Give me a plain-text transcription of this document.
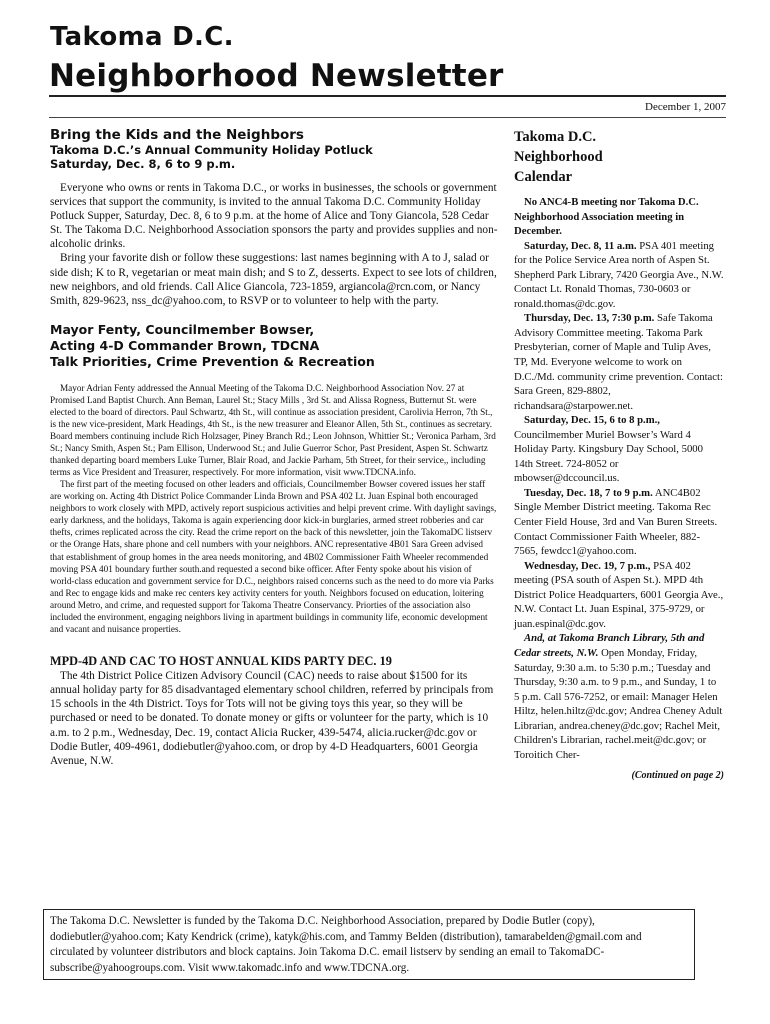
Takoma D.C.
Neighborhood Newsletter
December 1, 2007
Bring the Kids and the Neighbors
Takoma D.C.’s Annual Community Holiday Potluck
Saturday, Dec. 8, 6 to 9 p.m.

Everyone who owns or rents in Takoma D.C., or works in businesses, the schools or government services that support the community, is invited to the annual Takoma D.C. Community Holiday Potluck Supper, Saturday, Dec. 8, 6 to 9 p.m. at the home of Alice and Tony Giancola, 528 Cedar St. The Takoma D.C. Neighborhood Association sponsors the party and provides supplies and non-alcoholic drinks.

Bring your favorite dish or follow these suggestions: last names beginning with A to J, salad or side dish; K to R, vegetarian or meat main dish; and S to Z, desserts. Expect to see lots of children, new neighbors, and old friends. Call Alice Giancola, 723-1859, argiancola@rcn.com, or Nancy Smith, 829-9623, nss_dc@yahoo.com, to RSVP or to volunteer to help with the party.

Mayor Fenty, Councilmember Bowser,
Acting 4-D Commander Brown, TDCNA
Talk Priorities, Crime Prevention & Recreation

Mayor Adrian Fenty addressed the Annual Meeting of the Takoma D.C. Neighborhood Association Nov. 27 at Promised Land Baptist Church. Ann Beman, Laurel St.; Stacy Mills , 3rd St. and Alissa Rogness, Butternut St. were elected to the board of directors. Paul Schwartz, 4th St., will continue as association president, Carolivia Herron, 7th St., is the new vice-president, Mark Headings, 4th St., is the new treasurer and Eleanor Allen, 5th St., continues as secretary. Board members continuing include Rich Holzsager, Piney Branch Rd.; Leon Johnson, Whittier St.; Veronica Parham, 3rd St.; Nancy Smith, Aspen St.; Pam Ellison, Underwood St.; and Julie Guerror Schor, Past President, Aspen St. Schwartz thanked departing board members Luke Turner, Blair Road, and Jackie Parham, 5th Street, for their service,, including terms as Vice President and Treasurer, respectively. For more information, visit www.TDCNA.info.

The first part of the meeting focused on other leaders and officials, Councilmember Bowser covered issues her staff are working on. Acting 4th District Police Commander Linda Brown and PSA 402 Lt. Juan Espinal both encouraged neighbors to work closely with MPD, actively report suspicious activities and helpi prevent crime. With daylight savings, early darkness, and the holidays, Takoma is again experiencing door kick-in burglaries, armed street robberies and car thefts, crimes replicated across the city. Read the crime report on the back of this newsletter, join the TakomaDC listserv or the Orange Hats, share phone and cell numbers with your neighbors. ANC representative 4B01 Sara Green advised that establishment of group homes in the area needs monitoring, and 4B02 Commissioner Faith Wheeler recommended moving PSA 401 boundary further south.and requested a second bike officer. After Fenty spoke about his vision of world-class education and government service for D.C., neighbors raised concerns such as the need to do more via Parks and Rec to engage kids and make rec centers key activity centers for youth. Neighbors focused on education, loitering around Metro, and crime, and requested support for Takoma Theatre Conservancy. Priorties of the association also included the environment, engaging neighbors living in apartment buildings in community life, economic development and vacant and nuisance properties.

MPD-4D AND CAC TO HOST ANNUAL KIDS PARTY DEC. 19

The 4th District Police Citizen Advisory Council (CAC) needs to raise about $1500 for its annual holiday party for 85 disadvantaged elementary school children, referred by principals from 15 schools in the 4th District. Toys for Tots will not be giving toys this year, so they will be purchased or need to be donated. To donate money or gifts or volunteer for the party, which is 10 a.m. to 2 p.m., Wednesday, Dec. 19, contact Alicia Rucker, 439-5474, alicia.rucker@dc.gov or Dodie Butler, 409-4961, dodiebutler@yahoo.com, or drop by 4-D Headquarters, 6001 Georgia Avenue, N.W.

Takoma D.C.
Neighborhood
Calendar

No ANC4-B meeting nor Takoma D.C. Neighborhood Association meeting in December.

Saturday, Dec. 8, 11 a.m. PSA 401 meeting for the Police Service Area north of Aspen St. Shepherd Park Library, 7420 Georgia Ave., N.W. Contact Lt. Ronald Thomas, 730-0603 or ronald.thomas@dc.gov.

Thursday, Dec. 13, 7:30 p.m. Safe Takoma Advisory Committee meeting. Takoma Park Presbyterian, corner of Maple and Tulip Aves, TP, Md. Everyone welcome to work on D.C./Md. community crime prevention. Contact: Sara Green, 829-8802, richandsara@starpower.net.

Saturday, Dec. 15, 6 to 8 p.m., Councilmember Muriel Bowser’s Ward 4 Holiday Party. Kingsbury Day School, 5000 14th Street. 724-8052 or mbowser@dccouncil.us.

Tuesday, Dec. 18, 7 to 9 p.m. ANC4B02 Single Member District meeting. Takoma Rec Center Field House, 3rd and Van Buren Streets. Contact Commissioner Faith Wheeler, 882-7565, fewdcc1@yahoo.com.

Wednesday, Dec. 19, 7 p.m., PSA 402 meeting (PSA south of Aspen St.). MPD 4th District Police Headquarters, 6001 Georgia Ave., N.W. Contact Lt. Juan Espinal, 375-9729, or juan.espinal@dc.gov.

And, at Takoma Branch Library, 5th and Cedar streets, N.W. Open Monday, Friday, Saturday, 9:30 a.m. to 5:30 p.m.; Tuesday and Thursday, 9:30 a.m. to 9 p.m., and Sunday, 1 to 5 p.m. Call 576-7252, or email: Manager Helen Hiltz, helen.hiltz@dc.gov; Andrea Cheney Adult Librarian, andrea.cheney@dc.gov; Rachel Meit, Children's Librarian, rachel.meit@dc.gov; or Toroitich Cher-

(Continued on page 2)
The Takoma D.C. Newsletter is funded by the Takoma D.C. Neighborhood Association, prepared by Dodie Butler (copy), dodiebutler@yahoo.com; Katy Kendrick (crime), katyk@his.com, and Tammy Belden (distribution), tamarabelden@gmail.com and circulated by volunteer distributors and block captains. Join Takoma D.C. email listserv by sending an email to TakomaDC-subscribe@yahoogroups.com. Visit www.takomadc.info and www.TDCNA.org.
